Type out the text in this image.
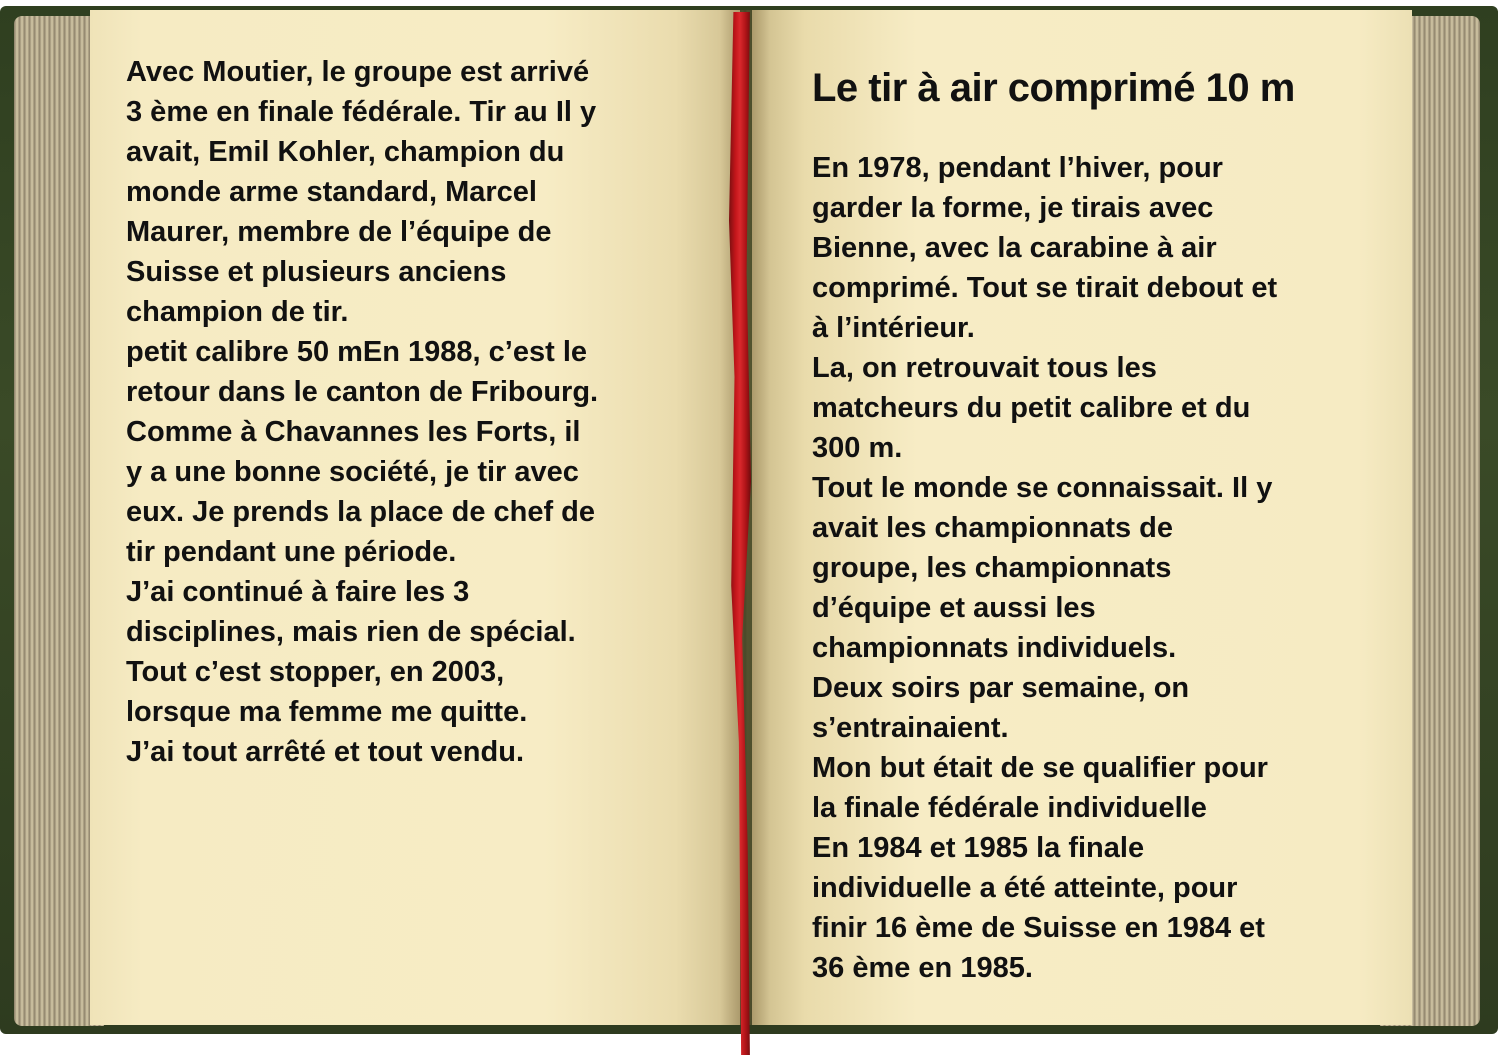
Avec Moutier, le groupe est arrivé
3 ème en finale fédérale. Tir au Il y
avait, Emil Kohler, champion du
monde arme standard, Marcel
Maurer, membre de l’équipe de
Suisse et plusieurs anciens
champion de tir.
petit calibre 50 mEn 1988, c’est le
retour dans le canton de Fribourg.
Comme à Chavannes les Forts, il
y a une bonne société, je tir avec
eux. Je prends la place de chef de
tir pendant une période.
J’ai continué à faire les 3
disciplines, mais rien de spécial.
Tout c’est stopper, en 2003,
lorsque ma femme me quitte.
J’ai tout arrêté et tout vendu.

Le tir à air comprimé 10 m

En 1978, pendant l’hiver, pour
garder la forme, je tirais avec
Bienne, avec la carabine à air
comprimé. Tout se tirait debout et
à l’intérieur.
La, on retrouvait tous les
matcheurs du petit calibre et du
300 m.
Tout le monde se connaissait. Il y
avait les championnats de
groupe, les championnats
d’équipe et aussi les
championnats individuels.
Deux soirs par semaine, on
s’entrainaient.
Mon but était de se qualifier pour
la finale fédérale individuelle
En 1984 et 1985 la finale
individuelle a été atteinte, pour
finir 16 ème de Suisse en 1984 et
36 ème en 1985.
